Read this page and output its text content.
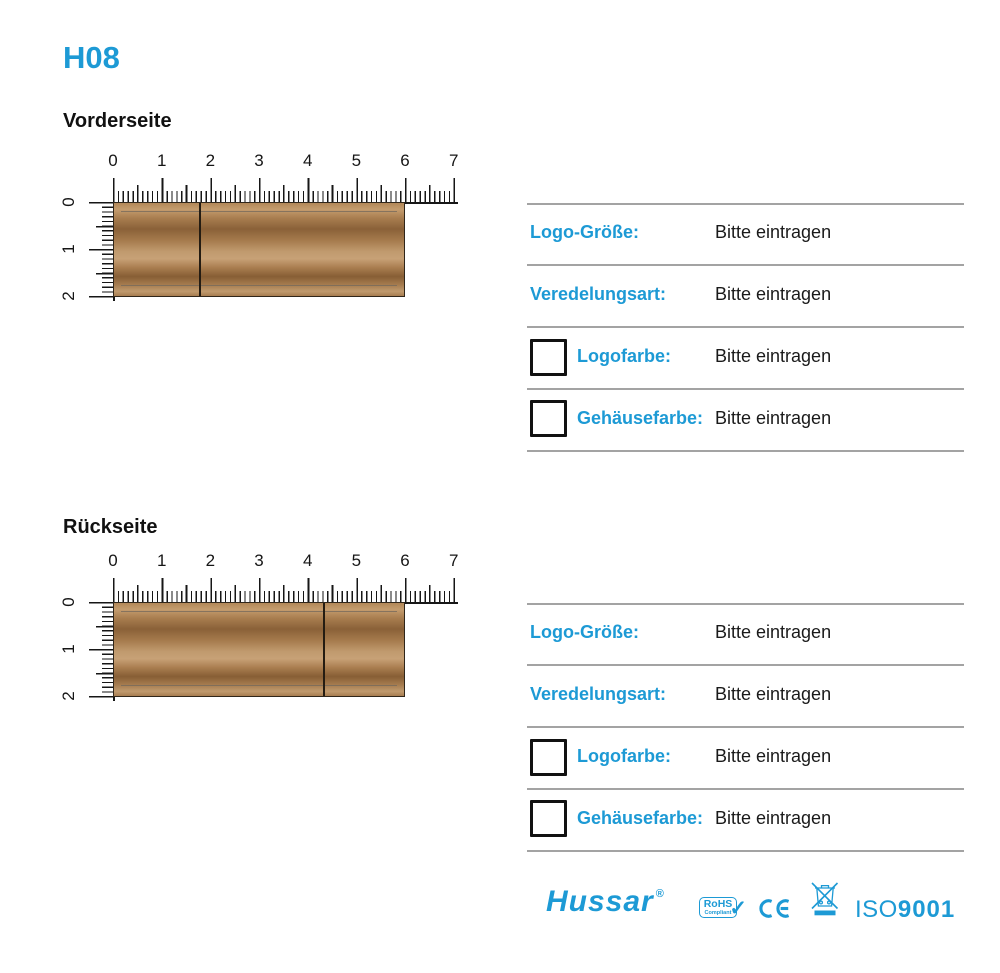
H08
Vorderseite
0 1 2 3 4 5 6 7
0
1
2
Logo-Größe:	Bitte eintragen
Veredelungsart:	Bitte eintragen
Logofarbe: Bitte eintragen
Gehäusefarbe: Bitte eintragen
Rückseite
0 1 2 3 4 5 6 7
0
1
2
Logo-Größe:	Bitte eintragen
Veredelungsart:	Bitte eintragen
Logofarbe: Bitte eintragen
Gehäusefarbe: Bitte eintragen
Hussar ®
RoHS
Compliant
✓	ISO9001
